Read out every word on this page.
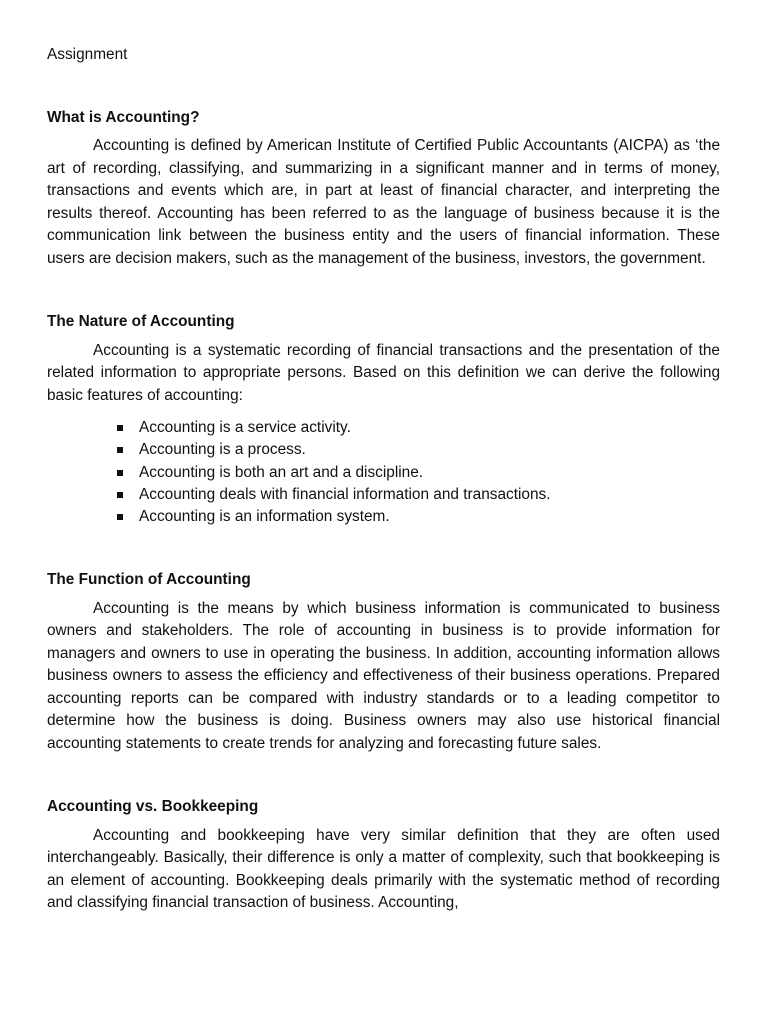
Assignment
What is Accounting?

Accounting is defined by American Institute of Certified Public Accountants (AICPA) as ‘the art of recording, classifying, and summarizing in a significant manner and in terms of money, transactions and events which are, in part at least of financial character, and interpreting the results thereof. Accounting has been referred to as the language of business because it is the communication link between the business entity and the users of financial information. These users are decision makers, such as the management of the business, investors, the government.

The Nature of Accounting

Accounting is a systematic recording of financial transactions and the presentation of the related information to appropriate persons. Based on this definition we can derive the following basic features of accounting:

Accounting is a service activity.
Accounting is a process.
Accounting is both an art and a discipline.
Accounting deals with financial information and transactions.
Accounting is an information system.
The Function of Accounting

Accounting is the means by which business information is communicated to business owners and stakeholders. The role of accounting in business is to provide information for managers and owners to use in operating the business. In addition, accounting information allows business owners to assess the efficiency and effectiveness of their business operations. Prepared accounting reports can be compared with industry standards or to a leading competitor to determine how the business is doing. Business owners may also use historical financial accounting statements to create trends for analyzing and forecasting future sales.

Accounting vs. Bookkeeping

Accounting and bookkeeping have very similar definition that they are often used interchangeably. Basically, their difference is only a matter of complexity, such that bookkeeping is an element of accounting. Bookkeeping deals primarily with the systematic method of recording and classifying financial transaction of business. Accounting,
